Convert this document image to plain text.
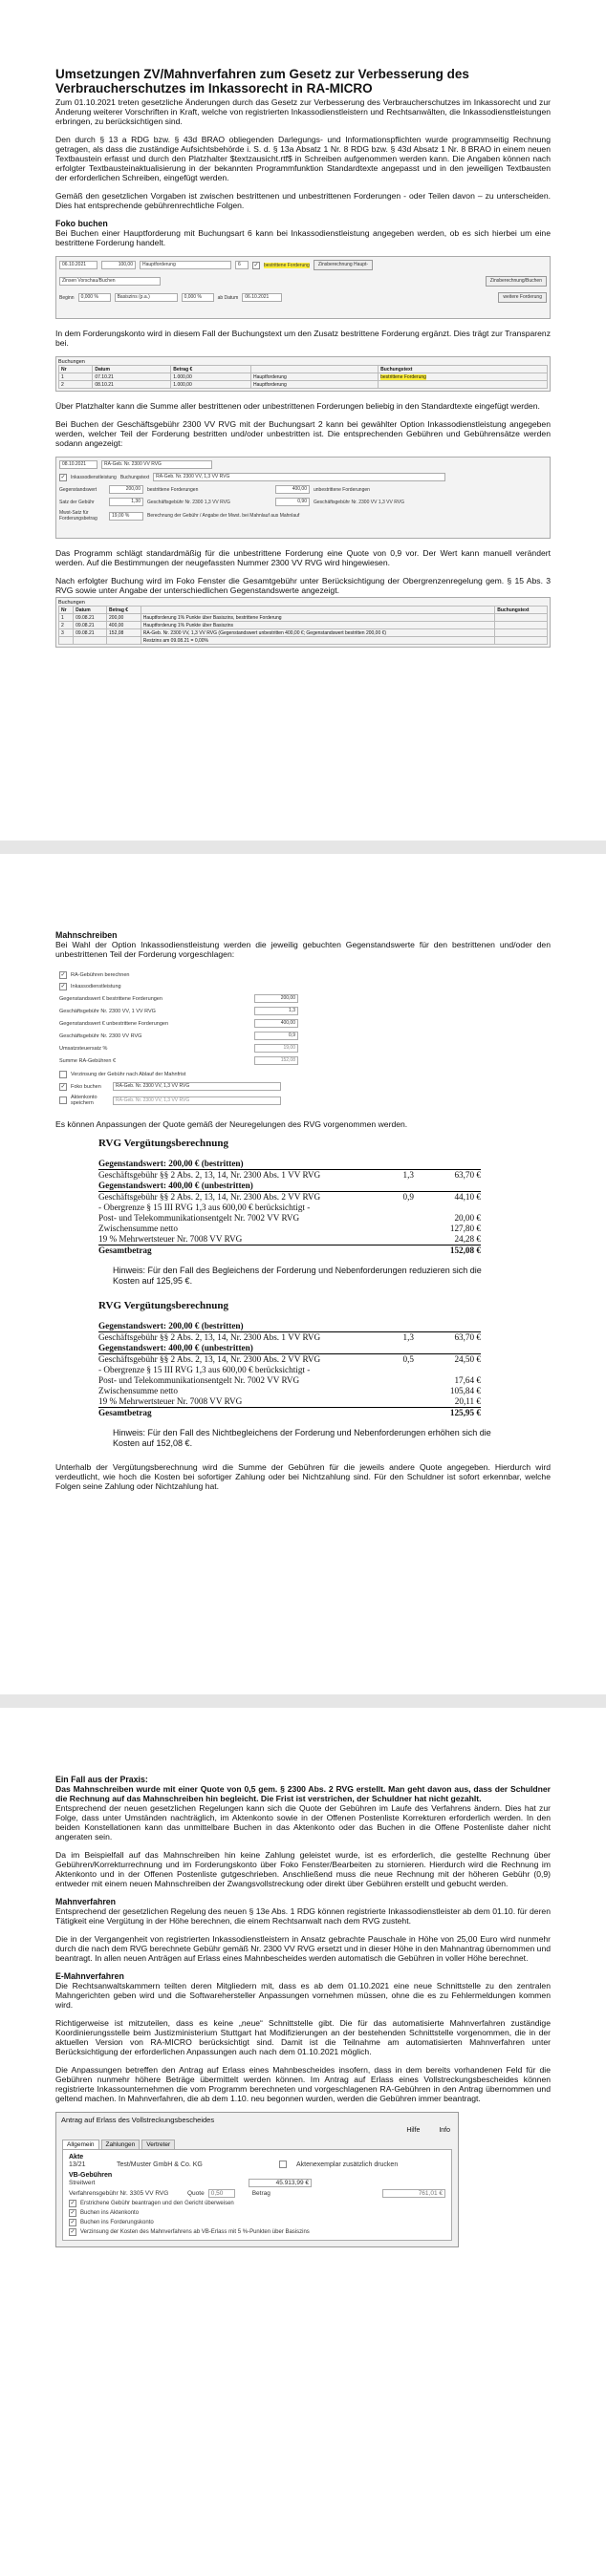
Umsetzungen ZV/Mahnverfahren zum Gesetz zur Verbesserung des Verbraucherschutzes im Inkassorecht in RA-MICRO

Zum 01.10.2021 treten gesetzliche Änderungen durch das Gesetz zur Verbesserung des Verbraucherschutzes im Inkassorecht und zur Änderung weiterer Vorschriften in Kraft, welche von registrierten Inkassodienstleistern und Rechtsanwälten, die Inkassodienstleistungen erbringen, zu berücksichtigen sind.

Den durch § 13 a RDG bzw. § 43d BRAO obliegenden Darlegungs- und Informationspflichten wurde programmseitig Rechnung getragen, als dass die zuständige Aufsichtsbehörde i. S. d. § 13a Absatz 1 Nr. 8 RDG bzw. § 43d Absatz 1 Nr. 8 BRAO in einem neuen Textbaustein erfasst und durch den Platzhalter $textzausicht.rtf$ in Schreiben aufgenommen werden kann. Die Angaben können nach erfolgter Textbausteinaktualisierung in der bekannten Programmfunktion Standardtexte angepasst und in den jeweiligen Textbausten der erforderlichen Schreiben, eingefügt werden.

Gemäß den gesetzlichen Vorgaben ist zwischen bestrittenen und unbestrittenen Forderungen - oder Teilen davon – zu unterscheiden. Dies hat entsprechende gebührenrechtliche Folgen.

Foko buchen

Bei Buchen einer Hauptforderung mit Buchungsart 6 kann bei Inkassodienstleistung angegeben werden, ob es sich hierbei um eine bestrittene Forderung handelt.

06.10.2021	100,00	Hauptforderung	6	✓ bestrittene Forderung	Zinsberechnung Haupt-
Zinsen Vorschau/Buchen	Zinsberechnung/Buchen
Beginn	0,000 %	Basiszins (p.a.)	0,000 %	ab Datum	06.10.2021	weitere Forderung

In dem Forderungskonto wird in diesem Fall der Buchungstext um den Zusatz bestrittene Forderung ergänzt. Dies trägt zur Transparenz bei.

Buchungen
Nr	Datum	Betrag €		Buchungstext
1	07.10.21	1.000,00	Hauptforderung	bestrittene Forderung
2	08.10.21	1.000,00	Hauptforderung	

Über Platzhalter kann die Summe aller bestrittenen oder unbestrittenen Forderungen beliebig in den Standardtexte eingefügt werden.

Bei Buchen der Geschäftsgebühr 2300 VV RVG mit der Buchungsart 2 kann bei gewählter Option Inkassodienstleistung angegeben werden, welcher Teil der Forderung bestritten und/oder unbestritten ist. Die entsprechenden Gebühren und Gebührensätze werden sodann angezeigt:

08.10.2021	RA-Geb. Nr. 2300 VV RVG
✓ Inkassodienstleistung Buchungstext	RA-Geb. Nr. 2300 VV, 1,3 VV RVG
Gegenstandswert	200,00	bestrittene Forderungen	400,00	unbestrittene Forderungen
Satz der Gebühr	1,30	Geschäftsgebühr Nr. 2300 1,3 VV RVG	0,90	Geschäftsgebühr Nr. 2300 VV 1,3 VV RVG
Mwst-Satz für Forderungsbetrag
19,00 %	Berechnung der Gebühr / Angabe der Mwst. bei Mahnlauf aus Mahnlauf

Das Programm schlägt standardmäßig für die unbestrittene Forderung eine Quote von 0,9 vor. Der Wert kann manuell verändert werden. Auf die Bestimmungen der neugefassten Nummer 2300 VV RVG wird hingewiesen.

Nach erfolgter Buchung wird im Foko Fenster die Gesamtgebühr unter Berücksichtigung der Obergrenzenregelung gem. § 15 Abs. 3 RVG sowie unter Angabe der unterschiedlichen Gegenstandswerte angezeigt.

Buchungen
Nr	Datum	Betrag €		Buchungstext
1	09.08.21	200,00	Hauptforderung 1% Punkte über Basiszins, bestrittene Forderung	
2	09.08.21	400,00	Hauptforderung 1% Punkte über Basiszins	
3	09.08.21	152,08	RA-Geb. Nr. 2300 VV, 1,3 VV RVG (Gegenstandswert unbestritten 400,00 €; Gegenstandswert bestritten 200,00 €)	
			Restzins am 09.08.21 = 0,00%	
Mahnschreiben

Bei Wahl der Option Inkassodienstleistung werden die jeweilig gebuchten Gegenstandswerte für den bestrittenen und/oder den unbestrittenen Teil der Forderung vorgeschlagen:

✓ RA-Gebühren berechnen
✓ Inkassodienstleistung
Gegenstandswert € bestrittene Forderungen	200,00
Geschäftsgebühr Nr. 2300 VV, 1 VV RVG	1,3
Gegenstandswert € unbestrittene Forderungen	400,00
Geschäftsgebühr Nr. 2300 VV RVG	0,9
Umsatzsteuersatz %	19,00
Summe RA-Gebühren €	152,08
Verzinsung der Gebühr nach Ablauf der Mahnfrist
✓ Foko buchen	RA-Geb. Nr. 2300 VV, 1,3 VV RVG
Aktenkonto speichern
RA-Geb. Nr. 2300 VV, 1,3 VV RVG

Es können Anpassungen der Quote gemäß der Neuregelungen des RVG vorgenommen werden.

RVG Vergütungsberechnung
Gegenstandswert: 200,00 € (bestritten)
Geschäftsgebühr §§ 2 Abs. 2, 13, 14, Nr. 2300 Abs. 1 VV RVG	1,3	63,70 €
Gegenstandswert: 400,00 € (unbestritten)
Geschäftsgebühr §§ 2 Abs. 2, 13, 14, Nr. 2300 Abs. 2 VV RVG	0,9	44,10 €
- Obergrenze § 15 III RVG 1,3 aus 600,00 € berücksichtigt -
Post- und Telekommunikationsentgelt Nr. 7002 VV RVG	20,00 €
Zwischensumme netto	127,80 €
19 % Mehrwertsteuer Nr. 7008 VV RVG	24,28 €
Gesamtbetrag	152,08 €
Hinweis: Für den Fall des Begleichens der Forderung und Nebenforderungen reduzieren sich die Kosten auf 125,95 €.
RVG Vergütungsberechnung
Gegenstandswert: 200,00 € (bestritten)
Geschäftsgebühr §§ 2 Abs. 2, 13, 14, Nr. 2300 Abs. 1 VV RVG	1,3	63,70 €
Gegenstandswert: 400,00 € (unbestritten)
Geschäftsgebühr §§ 2 Abs. 2, 13, 14, Nr. 2300 Abs. 2 VV RVG	0,5	24,50 €
- Obergrenze § 15 III RVG 1,3 aus 600,00 € berücksichtigt -
Post- und Telekommunikationsentgelt Nr. 7002 VV RVG	17,64 €
Zwischensumme netto	105,84 €
19 % Mehrwertsteuer Nr. 7008 VV RVG	20,11 €
Gesamtbetrag	125,95 €
Hinweis: Für den Fall des Nichtbegleichens der Forderung und Nebenforderungen erhöhen sich die Kosten auf 152,08 €.

Unterhalb der Vergütungsberechnung wird die Summe der Gebühren für die jeweils andere Quote angegeben. Hierdurch wird verdeutlicht, wie hoch die Kosten bei sofortiger Zahlung oder bei Nichtzahlung sind. Für den Schuldner ist sofort erkennbar, welche Folgen seine Zahlung oder Nichtzahlung hat.

Ein Fall aus der Praxis:

Das Mahnschreiben wurde mit einer Quote von 0,5 gem. § 2300 Abs. 2 RVG erstellt. Man geht davon aus, dass der Schuldner die Rechnung auf das Mahnschreiben hin begleicht. Die Frist ist verstrichen, der Schuldner hat nicht gezahlt.

Entsprechend der neuen gesetzlichen Regelungen kann sich die Quote der Gebühren im Laufe des Verfahrens ändern. Dies hat zur Folge, dass unter Umständen nachträglich, im Aktenkonto sowie in der Offenen Postenliste Korrekturen erforderlich werden. In den beiden Konstellationen kann das unmittelbare Buchen in das Aktenkonto oder das Buchen in die Offene Postenliste daher nicht angeraten sein.

Da im Beispielfall auf das Mahnschreiben hin keine Zahlung geleistet wurde, ist es erforderlich, die gestellte Rechnung über Gebühren/Korrekturrechnung und im Forderungskonto über Foko Fenster/Bearbeiten zu stornieren. Hierdurch wird die Rechnung im Aktenkonto und in der Offenen Postenliste gutgeschrieben. Anschließend muss die neue Rechnung mit der höheren Gebühr (0,9) entweder mit einem neuen Mahnschreiben der Zwangsvollstreckung oder direkt über Gebühren erstellt und gebucht werden.

Mahnverfahren

Entsprechend der gesetzlichen Regelung des neuen § 13e Abs. 1 RDG können registrierte Inkassodienstleister ab dem 01.10. für deren Tätigkeit eine Vergütung in der Höhe berechnen, die einem Rechtsanwalt nach dem RVG zusteht.

Die in der Vergangenheit von registrierten Inkassodienstleistern in Ansatz gebrachte Pauschale in Höhe von 25,00 Euro wird nunmehr durch die nach dem RVG berechnete Gebühr gemäß Nr. 2300 VV RVG ersetzt und in dieser Höhe in den Mahnantrag übernommen und beantragt. In allen neuen Anträgen auf Erlass eines Mahnbescheides werden automatisch die Gebühren in voller Höhe berechnet.

E-Mahnverfahren

Die Rechtsanwaltskammern teilten deren Mitgliedern mit, dass es ab dem 01.10.2021 eine neue Schnittstelle zu den zentralen Mahngerichten geben wird und die Softwarehersteller Anpassungen vornehmen müssen, ohne die es zu Fehlermeldungen kommen wird.

Richtigerweise ist mitzuteilen, dass es keine „neue“ Schnittstelle gibt. Die für das automatisierte Mahnverfahren zuständige Koordinierungsstelle beim Justizministerium Stuttgart hat Modifizierungen an der bestehenden Schnittstelle vorgenommen, die in der aktuellen Version von RA-MICRO berücksichtigt sind. Damit ist die Teilnahme am automatisierten Mahnverfahren unter Berücksichtigung der erforderlichen Anpassungen auch nach dem 01.10.2021 möglich.

Die Anpassungen betreffen den Antrag auf Erlass eines Mahnbescheides insofern, dass in dem bereits vorhandenen Feld für die Gebühren nunmehr höhere Beträge übermittelt werden können. Im Antrag auf Erlass eines Vollstreckungsbescheides können registrierte Inkassounternehmen die vom Programm berechneten und vorgeschlagenen RA-Gebühren in den Antrag übernommen und geltend machen. In Mahnverfahren, die ab dem 1.10. neu begonnen wurden, werden die Gebühren immer beantragt.

Antrag auf Erlass des Vollstreckungsbescheides
Hilfe	Info
Allgemein	Zahlungen	Vertreter
Akte
13/21	Test/Muster GmbH & Co. KG	Aktenexemplar zusätzlich drucken
VB-Gebühren
Streitwert	45.913,99 €
Verfahrensgebühr Nr. 3305 VV RVG	Quote	0,50	Betrag	761,01 €
✓ Erstrichene Gebühr beantragen und den Gericht überweisen
✓ Buchen ins Aktenkonto
✓ Buchen ins Forderungskonto
✓ Verzinsung der Kosten des Mahnverfahrens ab VB-Erlass mit 5 %-Punkten über Basiszins
